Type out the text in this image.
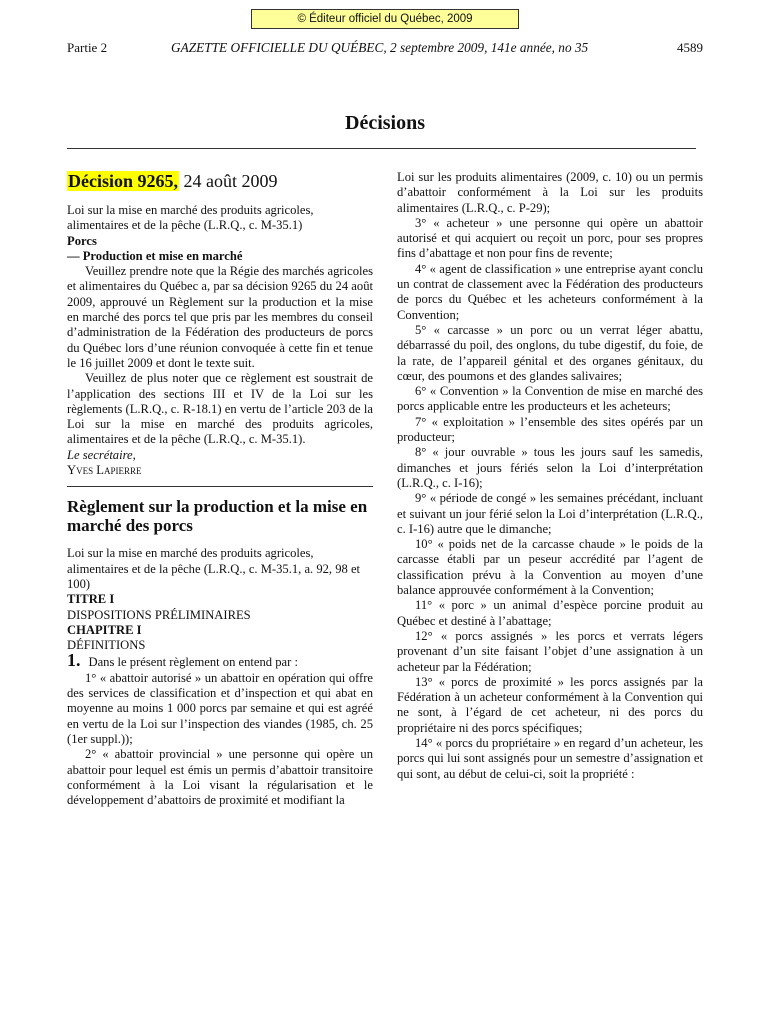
© Éditeur officiel du Québec, 2009
Partie 2	GAZETTE OFFICIELLE DU QUÉBEC, 2 septembre 2009, 141e année, no 35	4589
Décisions
Décision 9265, 24 août 2009

Loi sur la mise en marché des produits agricoles, alimentaires et de la pêche (L.R.Q., c. M-35.1)

Porcs

— Production et mise en marché

Veuillez prendre note que la Régie des marchés agricoles et alimentaires du Québec a, par sa décision 9265 du 24 août 2009, approuvé un Règlement sur la production et la mise en marché des porcs tel que pris par les membres du conseil d’administration de la Fédération des producteurs de porcs du Québec lors d’une réunion convoquée à cette fin et tenue le 16 juillet 2009 et dont le texte suit.

Veuillez de plus noter que ce règlement est soustrait de l’application des sections III et IV de la Loi sur les règlements (L.R.Q., c. R-18.1) en vertu de l’article 203 de la Loi sur la mise en marché des produits agricoles, alimentaires et de la pêche (L.R.Q., c. M-35.1).

Le secrétaire,

Yves Lapierre

Règlement sur la production et la mise en marché des porcs

Loi sur la mise en marché des produits agricoles, alimentaires et de la pêche (L.R.Q., c. M-35.1, a. 92, 98 et 100)

TITRE I

DISPOSITIONS PRÉLIMINAIRES

CHAPITRE I

DÉFINITIONS

1. Dans le présent règlement on entend par :

1° « abattoir autorisé » un abattoir en opération qui offre des services de classification et d’inspection et qui abat en moyenne au moins 1 000 porcs par semaine et qui est agréé en vertu de la Loi sur l’inspection des viandes (1985, ch. 25 (1er suppl.));

2° « abattoir provincial » une personne qui opère un abattoir pour lequel est émis un permis d’abattoir transitoire conformément à la Loi visant la régularisation et le développement d’abattoirs de proximité et modifiant la

Loi sur les produits alimentaires (2009, c. 10) ou un permis d’abattoir conformément à la Loi sur les produits alimentaires (L.R.Q., c. P-29);

3° « acheteur » une personne qui opère un abattoir autorisé et qui acquiert ou reçoit un porc, pour ses propres fins d’abattage et non pour fins de revente;

4° « agent de classification » une entreprise ayant conclu un contrat de classement avec la Fédération des producteurs de porcs du Québec et les acheteurs conformément à la Convention;

5° « carcasse » un porc ou un verrat léger abattu, débarrassé du poil, des onglons, du tube digestif, du foie, de la rate, de l’appareil génital et des organes génitaux, du cœur, des poumons et des glandes salivaires;

6° « Convention » la Convention de mise en marché des porcs applicable entre les producteurs et les acheteurs;

7° « exploitation » l’ensemble des sites opérés par un producteur;

8° « jour ouvrable » tous les jours sauf les samedis, dimanches et jours fériés selon la Loi d’interprétation (L.R.Q., c. I-16);

9° « période de congé » les semaines précédant, incluant et suivant un jour férié selon la Loi d’interprétation (L.R.Q., c. I-16) autre que le dimanche;

10° « poids net de la carcasse chaude » le poids de la carcasse établi par un peseur accrédité par l’agent de classification prévu à la Convention au moyen d’une balance approuvée conformément à la Convention;

11° « porc » un animal d’espèce porcine produit au Québec et destiné à l’abattage;

12° « porcs assignés » les porcs et verrats légers provenant d’un site faisant l’objet d’une assignation à un acheteur par la Fédération;

13° « porcs de proximité » les porcs assignés par la Fédération à un acheteur conformément à la Convention qui ne sont, à l’égard de cet acheteur, ni des porcs du propriétaire ni des porcs spécifiques;

14° « porcs du propriétaire » en regard d’un acheteur, les porcs qui lui sont assignés pour un semestre d’assignation et qui sont, au début de celui-ci, soit la propriété :
